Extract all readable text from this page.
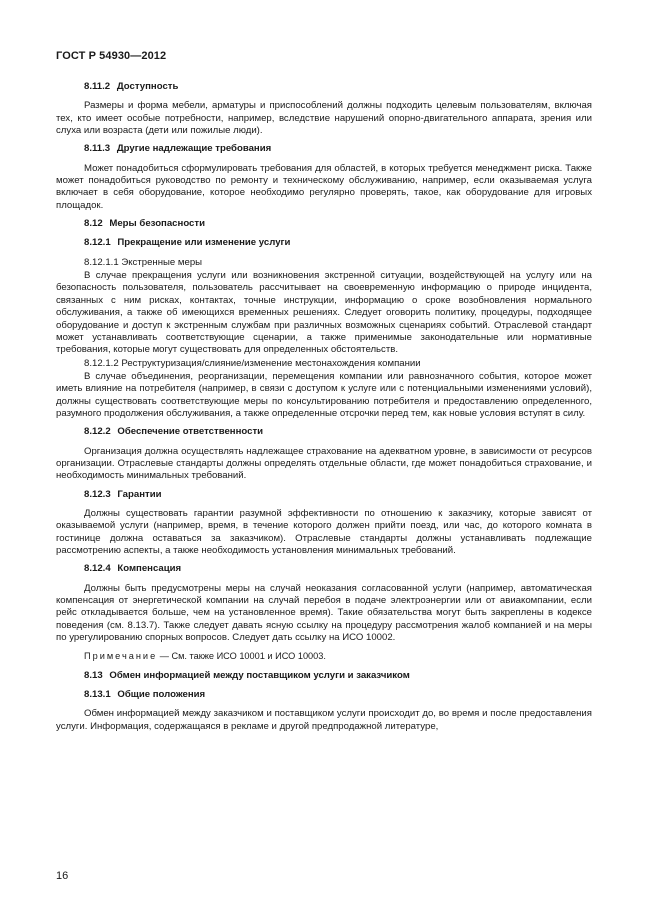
ГОСТ Р 54930—2012
8.11.2 Доступность

Размеры и форма мебели, арматуры и приспособлений должны подходить целевым пользователям, включая тех, кто имеет особые потребности, например, вследствие нарушений опорно-двигательного аппарата, зрения или слуха или возраста (дети или пожилые люди).

8.11.3 Другие надлежащие требования

Может понадобиться сформулировать требования для областей, в которых требуется менеджмент риска. Также может понадобиться руководство по ремонту и техническому обслуживанию, например, если оказываемая услуга включает в себя оборудование, которое необходимо регулярно проверять, такое, как оборудование для игровых площадок.

8.12 Меры безопасности
8.12.1 Прекращение или изменение услуги
8.12.1.1 Экстренные меры

В случае прекращения услуги или возникновения экстренной ситуации, воздействующей на услугу или на безопасность пользователя, пользователь рассчитывает на своевременную информацию о природе инцидента, связанных с ним рисках, контактах, точные инструкции, информацию о сроке возобновления нормального обслуживания, а также об имеющихся временных решениях. Следует оговорить политику, процедуры, подходящее оборудование и доступ к экстренным службам при различных возможных сценариях событий. Отраслевой стандарт может устанавливать соответствующие сценарии, а также применимые законодательные или нормативные требования, которые могут существовать для определенных обстоятельств.

8.12.1.2 Реструктуризация/слияние/изменение местонахождения компании

В случае объединения, реорганизации, перемещения компании или равнозначного события, которое может иметь влияние на потребителя (например, в связи с доступом к услуге или с потенциальными изменениями условий), должны существовать соответствующие меры по консультированию потребителя и предоставлению определенного, разумного продолжения обслуживания, а также определенные отсрочки перед тем, как новые условия вступят в силу.

8.12.2 Обеспечение ответственности

Организация должна осуществлять надлежащее страхование на адекватном уровне, в зависимости от ресурсов организации. Отраслевые стандарты должны определять отдельные области, где может понадобиться страхование, и необходимость минимальных требований.

8.12.3 Гарантии

Должны существовать гарантии разумной эффективности по отношению к заказчику, которые зависят от оказываемой услуги (например, время, в течение которого должен прийти поезд, или час, до которого комната в гостинице должна оставаться за заказчиком). Отраслевые стандарты должны устанавливать подлежащие рассмотрению аспекты, а также необходимость установления минимальных требований.

8.12.4 Компенсация

Должны быть предусмотрены меры на случай неоказания согласованной услуги (например, автоматическая компенсация от энергетической компании на случай перебоя в подаче электроэнергии или от авиакомпании, если рейс откладывается больше, чем на установленное время). Такие обязательства могут быть закреплены в кодексе поведения (см. 8.13.7). Также следует давать ясную ссылку на процедуру рассмотрения жалоб компанией и на меры по урегулированию спорных вопросов. Следует дать ссылку на ИСО 10002.

Примечание — См. также ИСО 10001 и ИСО 10003.
8.13 Обмен информацией между поставщиком услуги и заказчиком
8.13.1 Общие положения

Обмен информацией между заказчиком и поставщиком услуги происходит до, во время и после предоставления услуги. Информация, содержащаяся в рекламе и другой предпродажной литературе,

16
